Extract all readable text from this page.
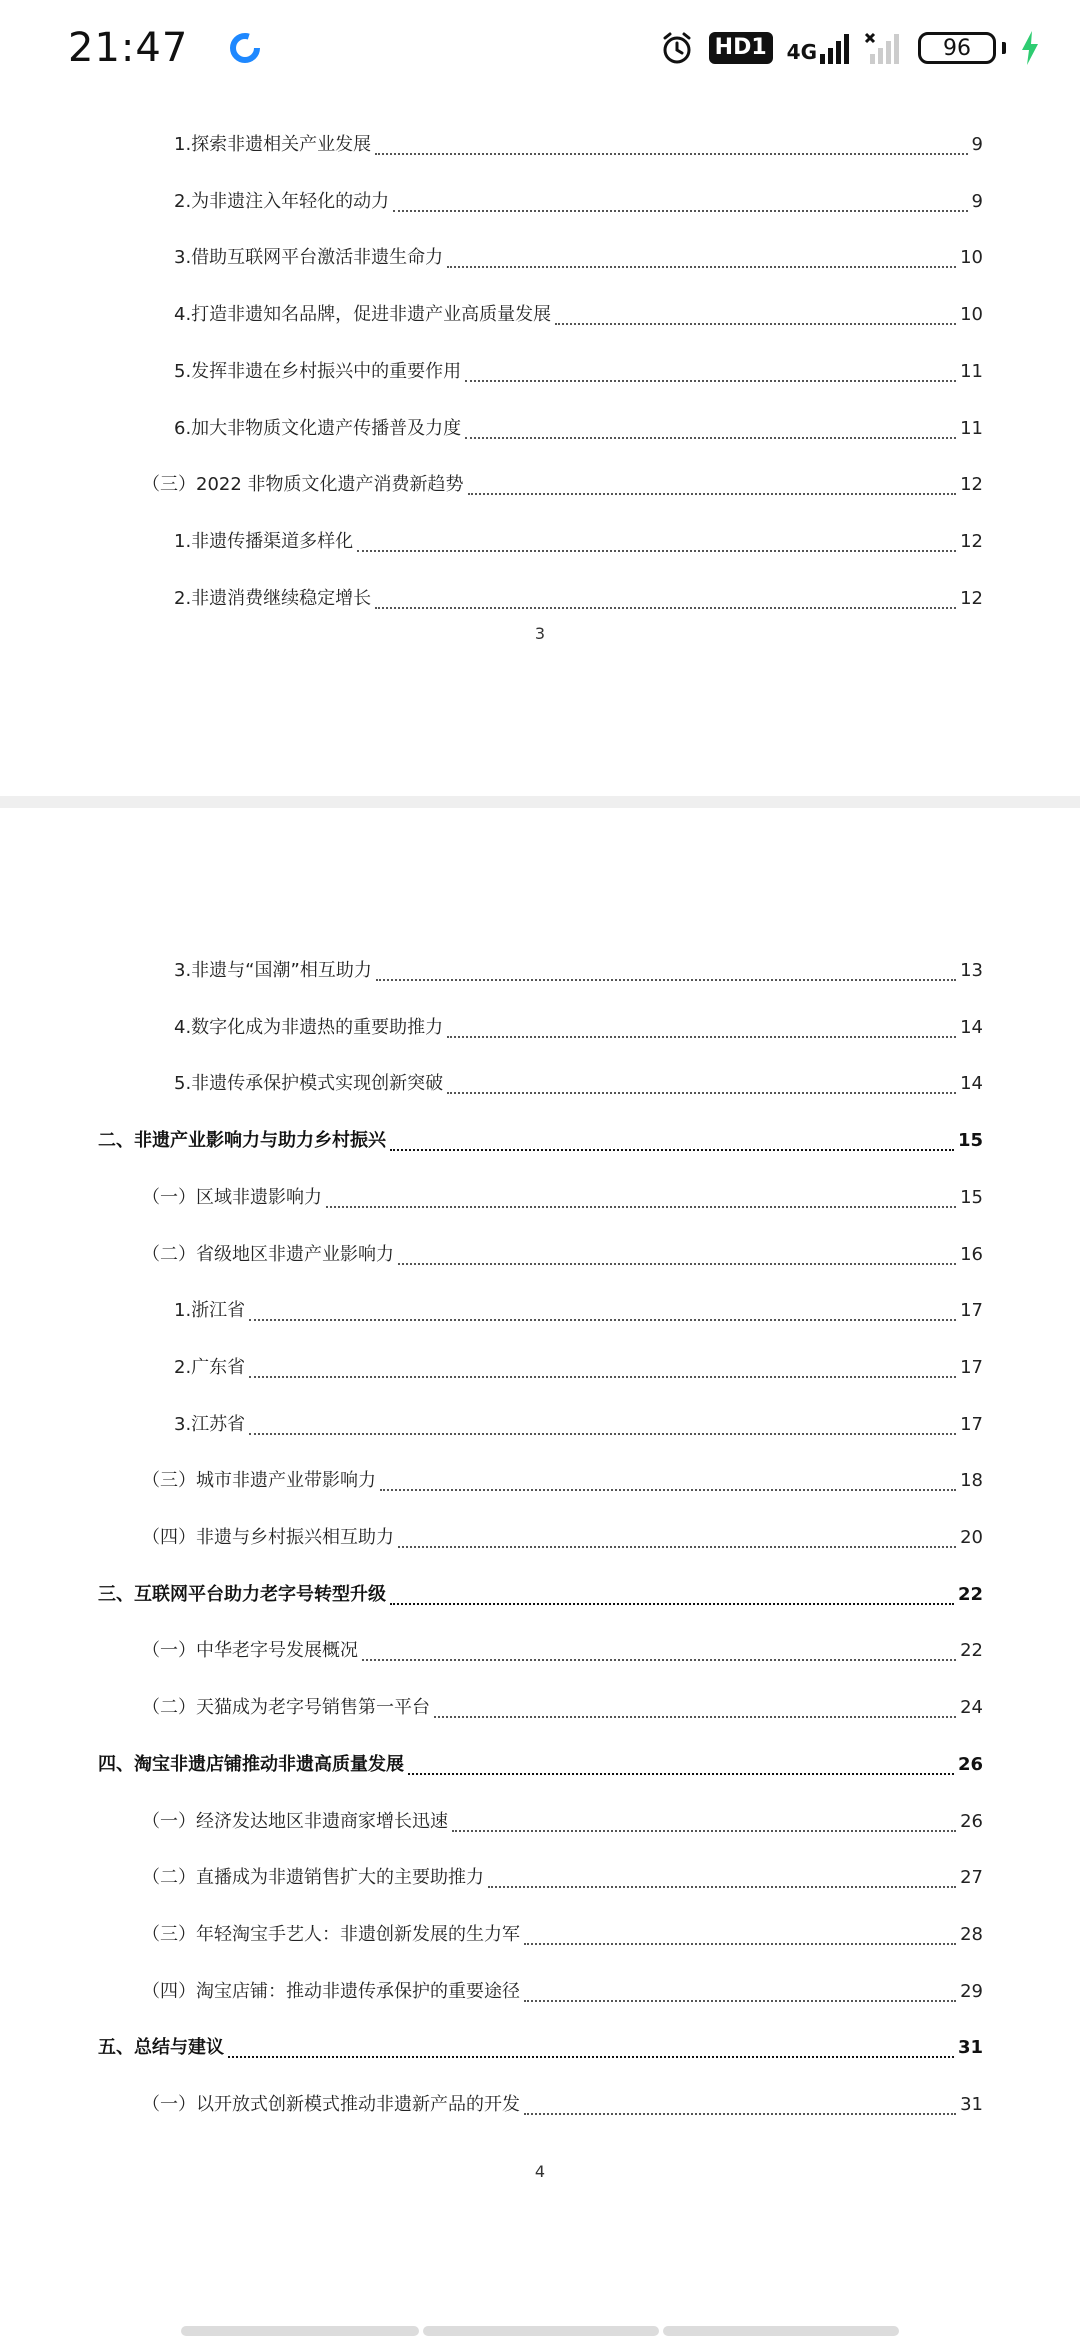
21:47	HD1	4G	96
1.探索非遗相关产业发展	9
2.为非遗注入年轻化的动力	9
3.借助互联网平台激活非遗生命力	10
4.打造非遗知名品牌，促进非遗产业高质量发展	10
5.发挥非遗在乡村振兴中的重要作用	11
6.加大非物质文化遗产传播普及力度	11
（三）2022 非物质文化遗产消费新趋势	12
1.非遗传播渠道多样化	12
2.非遗消费继续稳定增长	12
3
3.非遗与“国潮”相互助力	13
4.数字化成为非遗热的重要助推力	14
5.非遗传承保护模式实现创新突破	14
二、非遗产业影响力与助力乡村振兴	15
（一）区域非遗影响力	15
（二）省级地区非遗产业影响力	16
1.浙江省	17
2.广东省	17
3.江苏省	17
（三）城市非遗产业带影响力	18
（四）非遗与乡村振兴相互助力	20
三、互联网平台助力老字号转型升级	22
（一）中华老字号发展概况	22
（二）天猫成为老字号销售第一平台	24
四、淘宝非遗店铺推动非遗高质量发展	26
（一）经济发达地区非遗商家增长迅速	26
（二）直播成为非遗销售扩大的主要助推力	27
（三）年轻淘宝手艺人：非遗创新发展的生力军	28
（四）淘宝店铺：推动非遗传承保护的重要途径	29
五、总结与建议	31
（一）以开放式创新模式推动非遗新产品的开发	31
4
